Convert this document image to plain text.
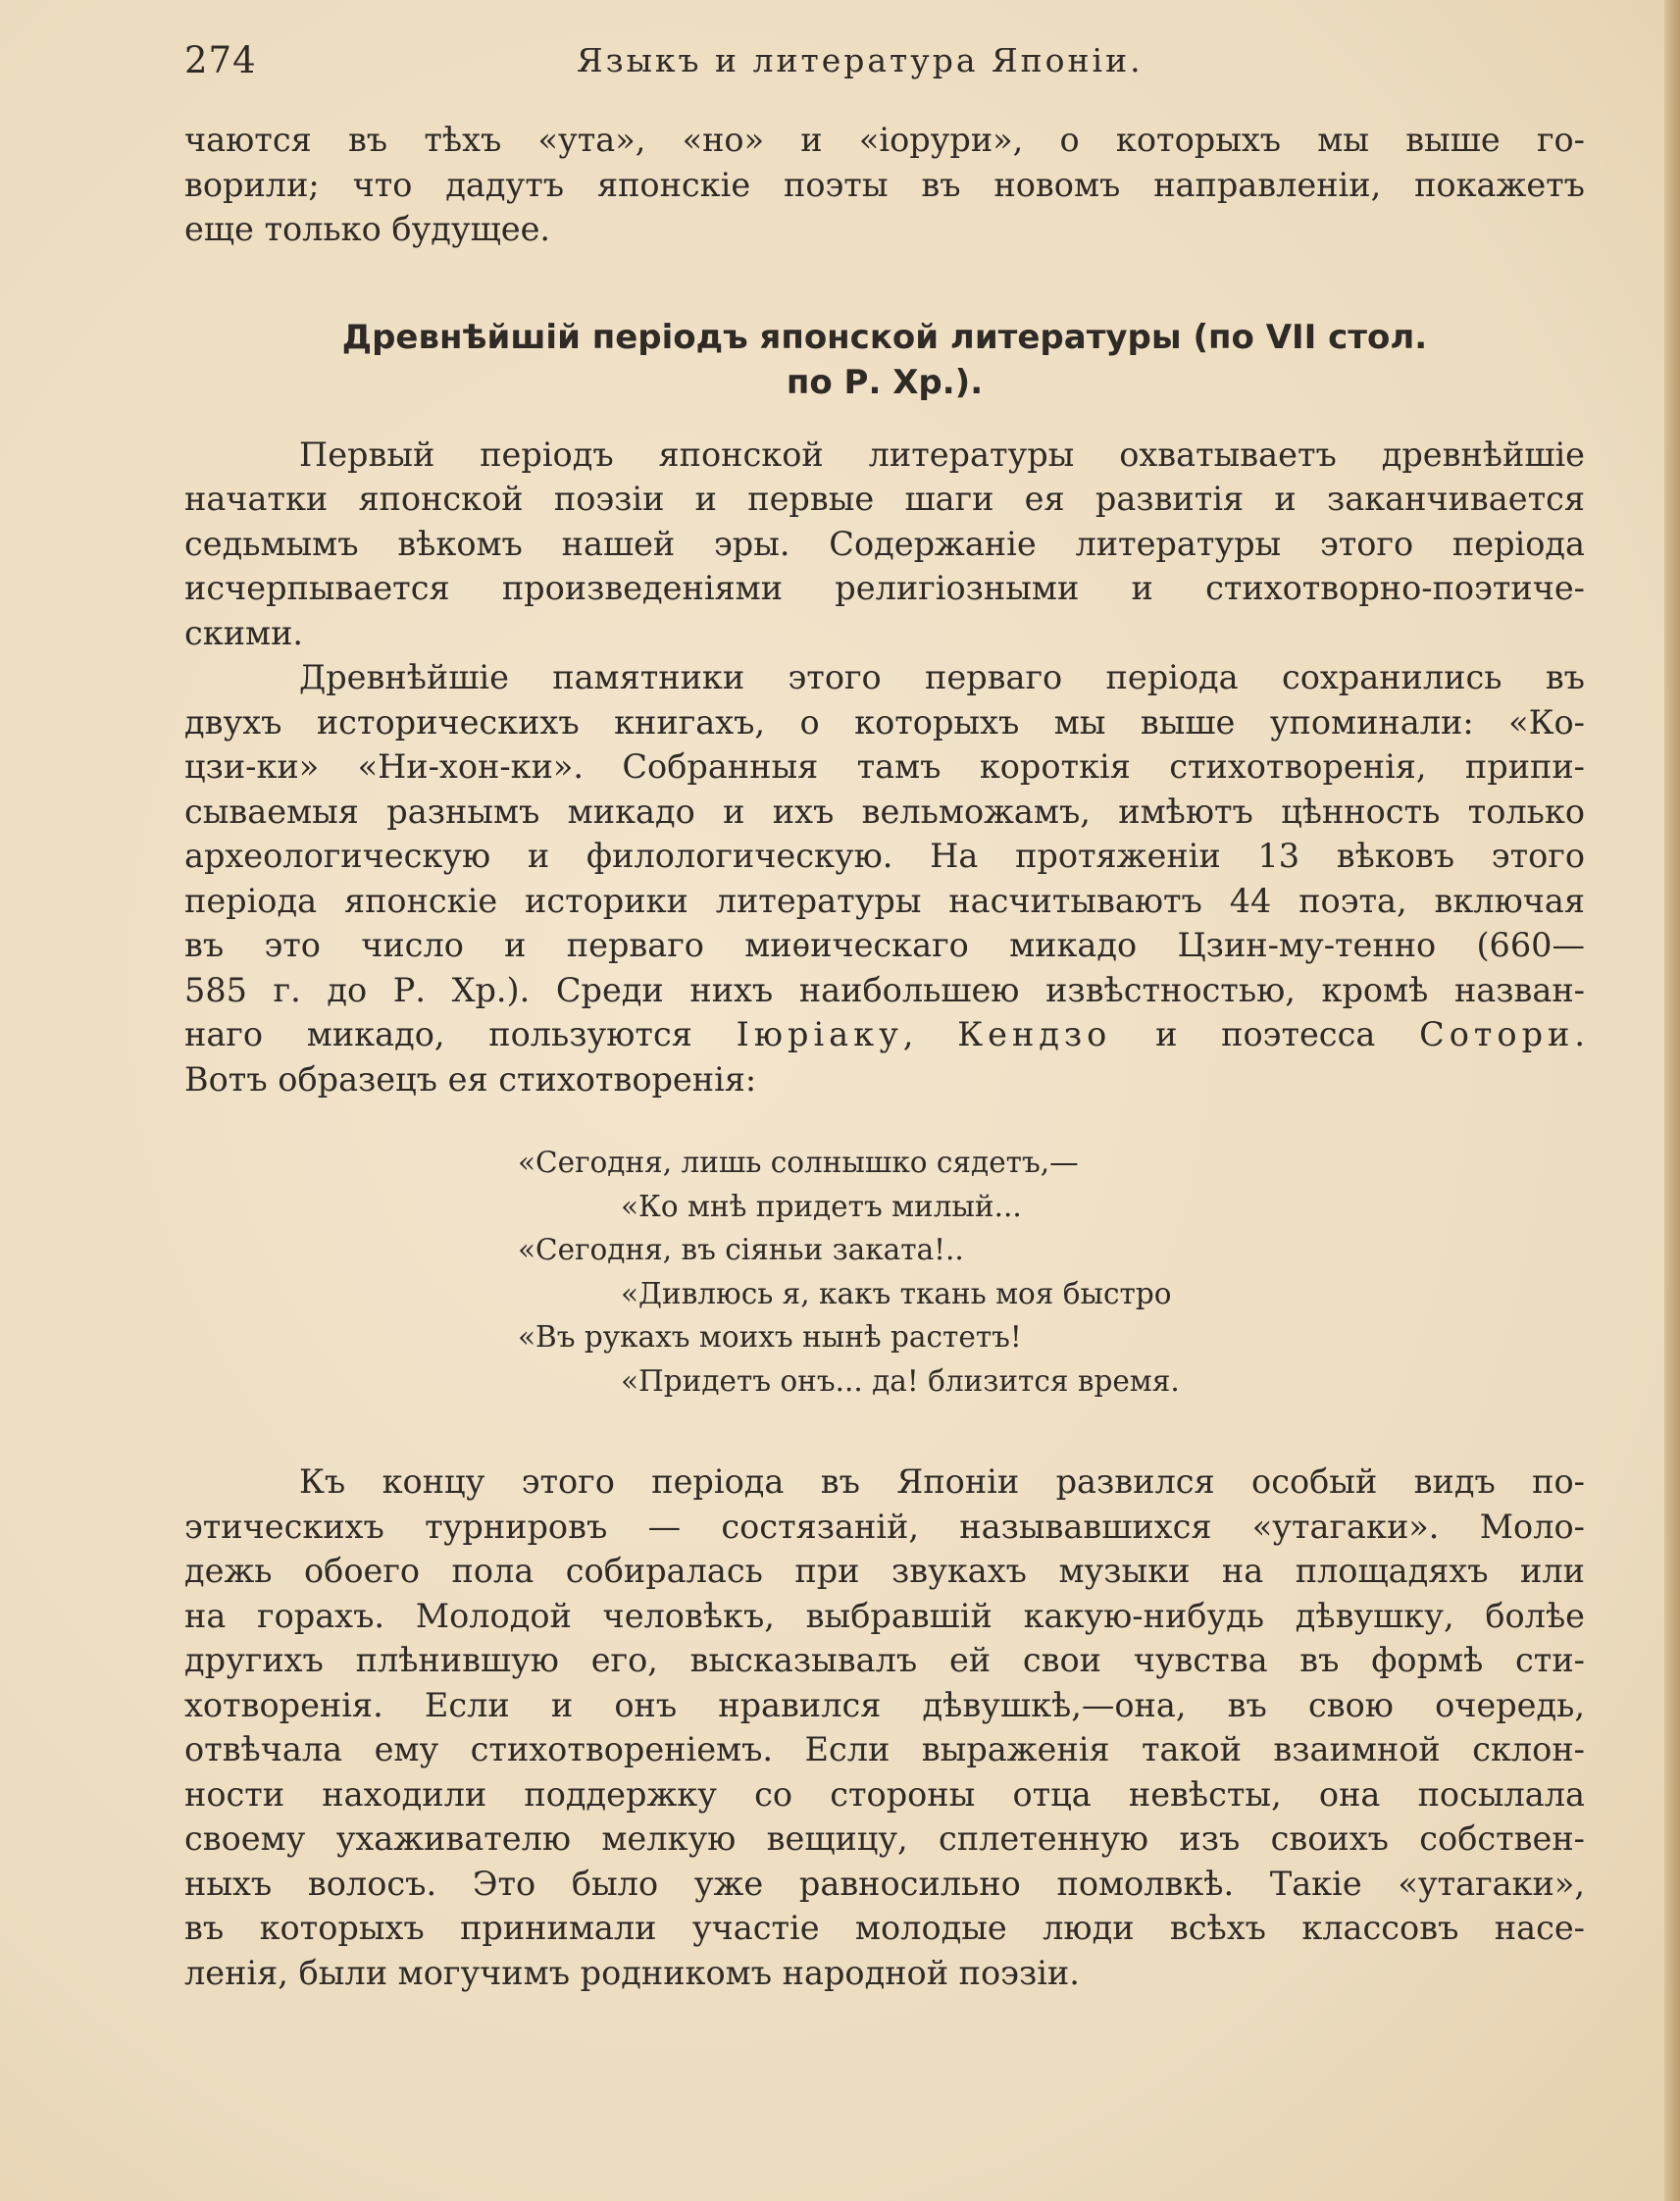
274	Языкъ и литература Японіи.
чаются въ тѣхъ «ута», «но» и «іорури», о которыхъ мы выше го-
ворили; что дадутъ японскіе поэты въ новомъ направленіи, покажетъ
еще только будущее.
Древнѣйшій періодъ японской литературы (по VII стол.
по Р. Хр.).
Первый періодъ японской литературы охватываетъ древнѣйшіе
начатки японской поэзіи и первые шаги ея развитія и заканчивается
седьмымъ вѣкомъ нашей эры. Содержаніе литературы этого періода
исчерпывается произведеніями религіозными и стихотворно-поэтиче-
скими.
Древнѣйшіе памятники этого перваго періода сохранились въ
двухъ историческихъ книгахъ, о которыхъ мы выше упоминали: «Ко-
цзи-ки» «Ни-хон-ки». Собранныя тамъ короткія стихотворенія, припи-
сываемыя разнымъ микадо и ихъ вельможамъ, имѣютъ цѣнность только
археологическую и филологическую. На протяженіи 13 вѣковъ этого
періода японскіе историки литературы насчитываютъ 44 поэта, включая
въ это число и перваго миѳическаго микадо Цзин-му-тенно (660—
585 г. до Р. Хр.). Среди нихъ наибольшею извѣстностью, кромѣ назван-
наго микадо, пользуются Іюріаку, Кендзо и поэтесса Сотори.
Вотъ образецъ ея стихотворенія:
«Сегодня, лишь солнышко сядетъ,—
«Ко мнѣ придетъ милый...
«Сегодня, въ сіяньи заката!..
«Дивлюсь я, какъ ткань моя быстро
«Въ рукахъ моихъ нынѣ растетъ!
«Придетъ онъ... да! близится время.
Къ концу этого періода въ Японіи развился особый видъ по-
этическихъ турнировъ — состязаній, называвшихся «утагаки». Моло-
дежь обоего пола собиралась при звукахъ музыки на площадяхъ или
на горахъ. Молодой человѣкъ, выбравшій какую-нибудь дѣвушку, болѣе
другихъ плѣнившую его, высказывалъ ей свои чувства въ формѣ сти-
хотворенія. Если и онъ нравился дѣвушкѣ,—она, въ свою очередь,
отвѣчала ему стихотвореніемъ. Если выраженія такой взаимной склон-
ности находили поддержку со стороны отца невѣсты, она посылала
своему ухаживателю мелкую вещицу, сплетенную изъ своихъ собствен-
ныхъ волосъ. Это было уже равносильно помолвкѣ. Такіе «утагаки»,
въ которыхъ принимали участіе молодые люди всѣхъ классовъ насе-
ленія, были могучимъ родникомъ народной поэзіи.
